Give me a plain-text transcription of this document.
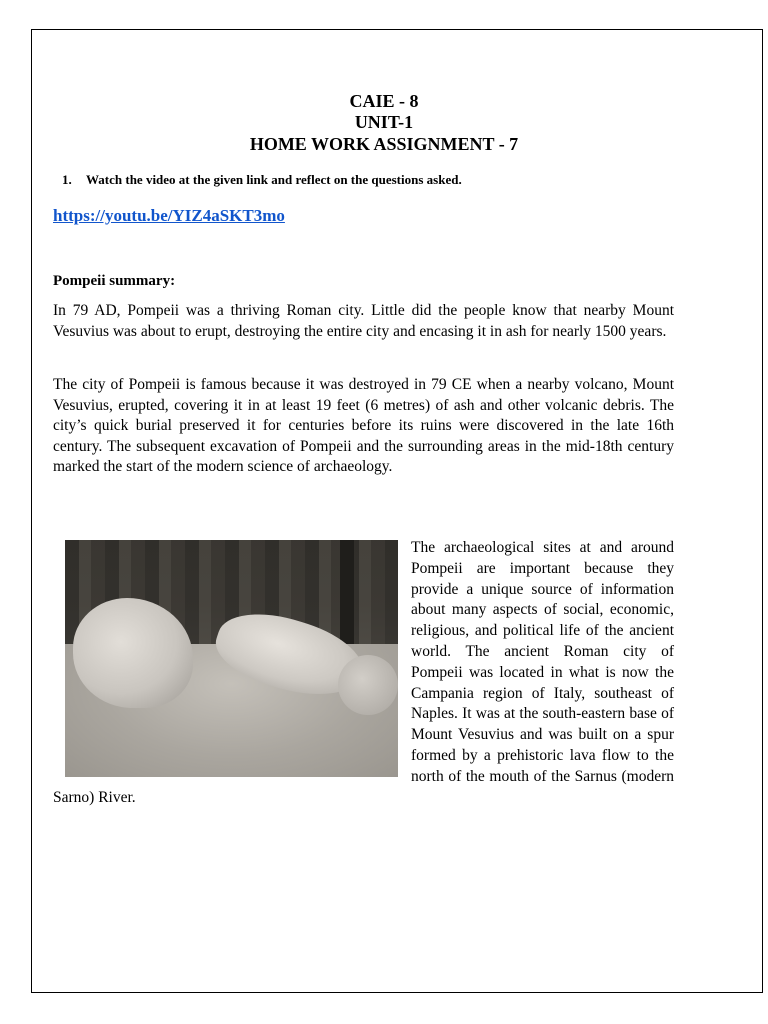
CAIE - 8
UNIT-1
HOME WORK ASSIGNMENT - 7
1. Watch the video at the given link and reflect on the questions asked.
https://youtu.be/YIZ4aSKT3mo
Pompeii summary:

In 79 AD, Pompeii was a thriving Roman city. Little did the people know that nearby Mount Vesuvius was about to erupt, destroying the entire city and encasing it in ash for nearly 1500 years.

The city of Pompeii is famous because it was destroyed in 79 CE when a nearby volcano, Mount Vesuvius, erupted, covering it in at least 19 feet (6 metres) of ash and other volcanic debris. The city’s quick burial preserved it for centuries before its ruins were discovered in the late 16th century. The subsequent excavation of Pompeii and the surrounding areas in the mid-18th century marked the start of the modern science of archaeology.

The archaeological sites at and around Pompeii are important because they provide a unique source of information about many aspects of social, economic, religious, and political life of the ancient world. The ancient Roman city of Pompeii was located in what is now the Campania region of Italy, southeast of Naples. It was at the south-eastern base of Mount Vesuvius and was built on a spur formed by a prehistoric lava flow to the north of the mouth of the Sarnus (modern Sarno) River.
